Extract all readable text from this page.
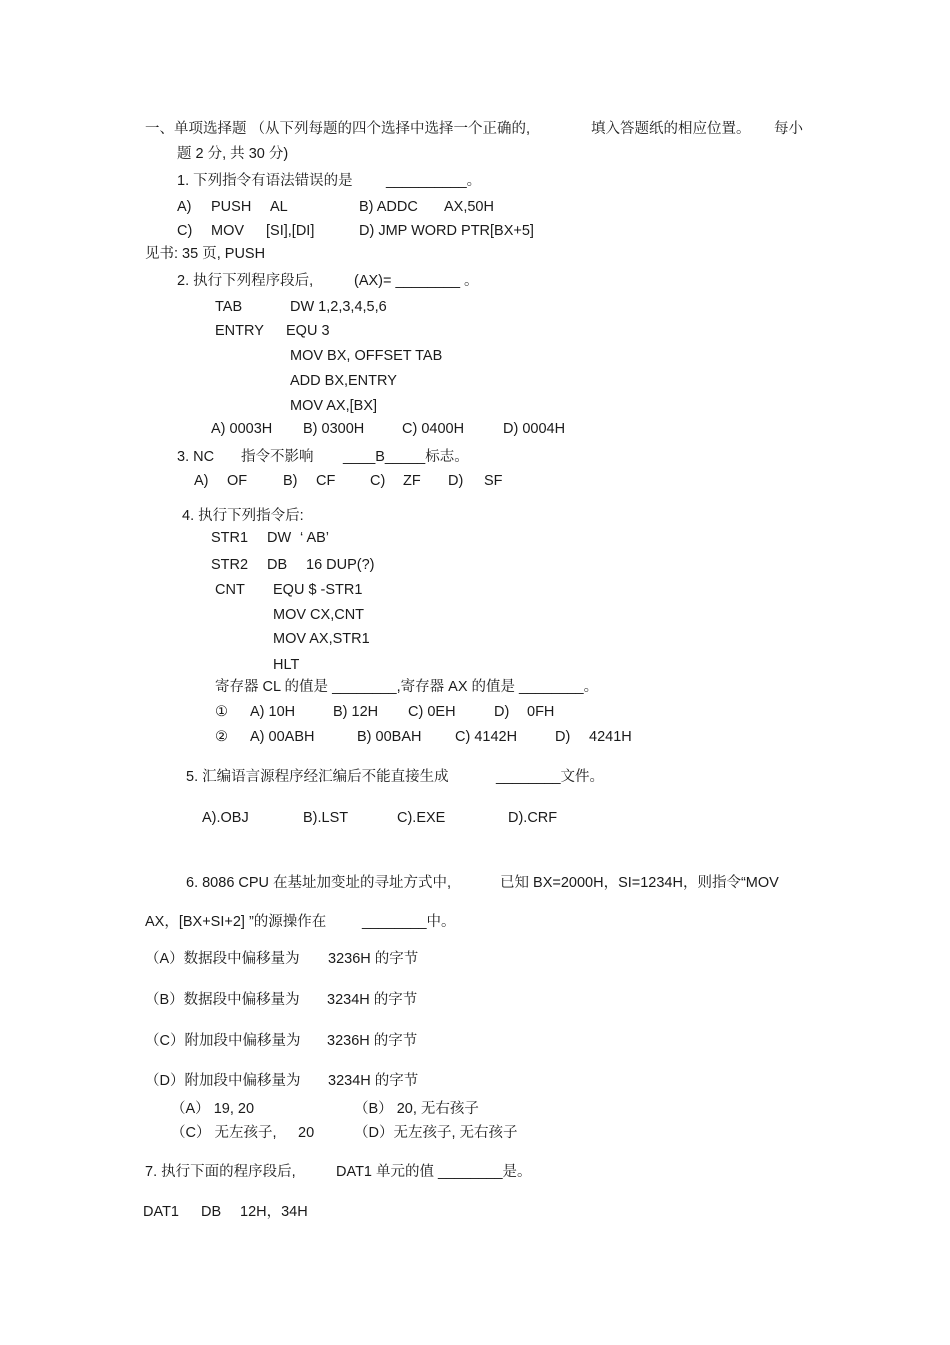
一、单项选择题 （从下列每题的四个选择中选择一个正确的,	填入答题纸的相应位置。 每小
题 2 分, 共 30 分)
1. 下列指令有语法错误的是 __________。
A) PUSH AL	B) ADDC AX,50H
C) MOV [SI],[DI]	D) JMP WORD PTR[BX+5]
见书: 35 页, PUSH
2. 执行下列程序段后,	(AX)= ________ 。
TAB	DW 1,2,3,4,5,6
ENTRY EQU 3
MOV BX, OFFSET TAB
ADD BX,ENTRY
MOV AX,[BX]
A) 0003H B) 0300H	C) 0400H	D) 0004H
3. NC 指令不影响 ____B_____标志。
A) OF B) CF C) ZF D) SF
4. 执行下列指令后:
STR1 DW ‘ AB’
STR2 DB 16 DUP(?)
CNT EQU $ -STR1
MOV CX,CNT
MOV AX,STR1
HLT
寄存器 CL 的值是 ________,寄存器 AX 的值是 ________。
① A) 10H	B) 12H C) 0EH	D) 0FH
② A) 00ABH	B) 00BAH C) 4142H	D) 4241H
5. 汇编语言源程序经汇编后不能直接生成	________文件。
A).OBJ	B).LST	C).EXE	D).CRF
6. 8086 CPU 在基址加变址的寻址方式中,	已知 BX=2000H，SI=1234H，则指令“MOV
AX，[BX+SI+2] ”的源操作在 ________中。
（A）数据段中偏移量为 3236H 的字节
（B）数据段中偏移量为 3234H 的字节
（C）附加段中偏移量为 3236H 的字节
（D）附加段中偏移量为 3234H 的字节
（A） 19, 20	（B） 20, 无右孩子
（C） 无左孩子, 20	（D）无左孩子, 无右孩子
7. 执行下面的程序段后,	DAT1 单元的值 ________是。
DAT1 DB 12H，34H
